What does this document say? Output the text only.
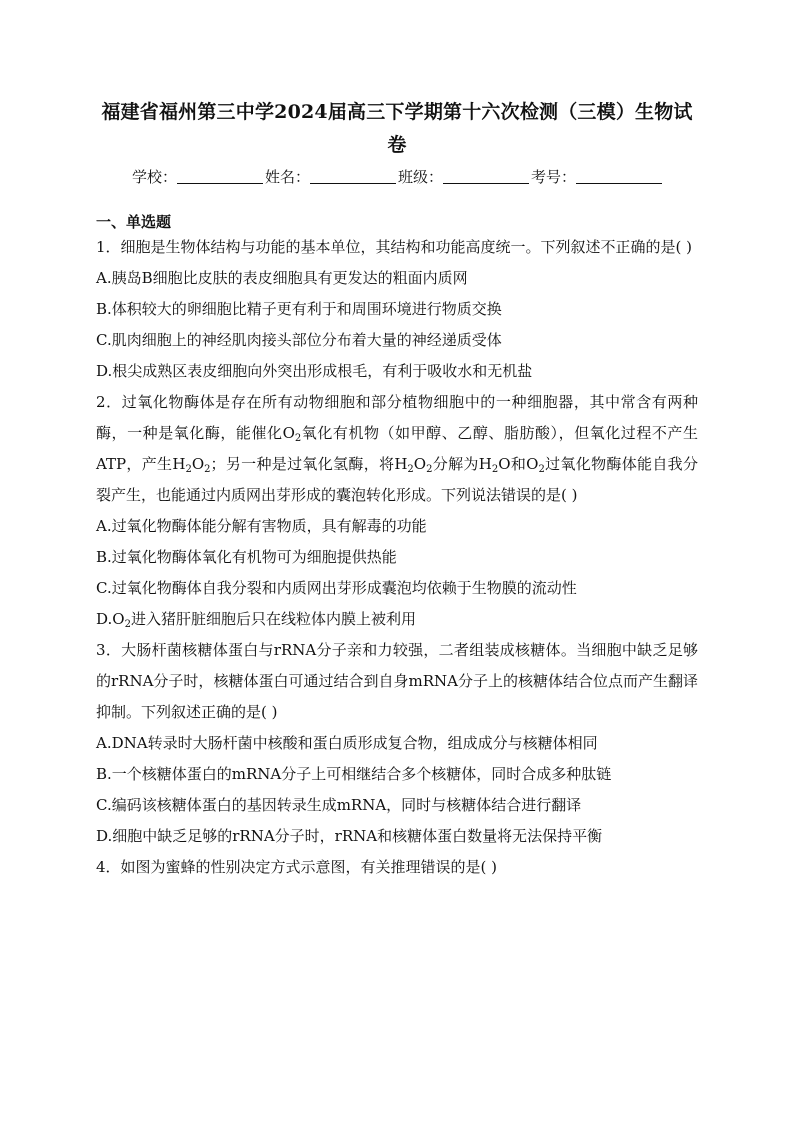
福建省福州第三中学2024届高三下学期第十六次检测（三模）生物试
卷
学校：	姓名：	班级：	考号：
一、单选题

1．细胞是生物体结构与功能的基本单位，其结构和功能高度统一。下列叙述不正确的是( )

A.胰岛B细胞比皮肤的表皮细胞具有更发达的粗面内质网

B.体积较大的卵细胞比精子更有利于和周围环境进行物质交换

C.肌肉细胞上的神经肌肉接头部位分布着大量的神经递质受体

D.根尖成熟区表皮细胞向外突出形成根毛，有利于吸收水和无机盐

2．过氧化物酶体是存在所有动物细胞和部分植物细胞中的一种细胞器，其中常含有两种酶，一种是氧化酶，能催化$O_2$氧化有机物（如甲醇、乙醇、脂肪酸），但氧化过程不产生ATP，产生$H_2O_2$；另一种是过氧化氢酶，将$H_2O_2$分解为$H_2O$和$O_2$过氧化物酶体能自我分裂产生，也能通过内质网出芽形成的囊泡转化形成。下列说法错误的是( )

A.过氧化物酶体能分解有害物质，具有解毒的功能

B.过氧化物酶体氧化有机物可为细胞提供热能

C.过氧化物酶体自我分裂和内质网出芽形成囊泡均依赖于生物膜的流动性

$D.O_2$进入猪肝脏细胞后只在线粒体内膜上被利用

3．大肠杆菌核糖体蛋白与rRNA分子亲和力较强，二者组装成核糖体。当细胞中缺乏足够的rRNA分子时，核糖体蛋白可通过结合到自身mRNA分子上的核糖体结合位点而产生翻译抑制。下列叙述正确的是( )

A.DNA转录时大肠杆菌中核酸和蛋白质形成复合物，组成成分与核糖体相同

B.一个核糖体蛋白的mRNA分子上可相继结合多个核糖体，同时合成多种肽链

C.编码该核糖体蛋白的基因转录生成mRNA，同时与核糖体结合进行翻译

D.细胞中缺乏足够的rRNA分子时，rRNA和核糖体蛋白数量将无法保持平衡

4．如图为蜜蜂的性别决定方式示意图，有关推理错误的是( )
